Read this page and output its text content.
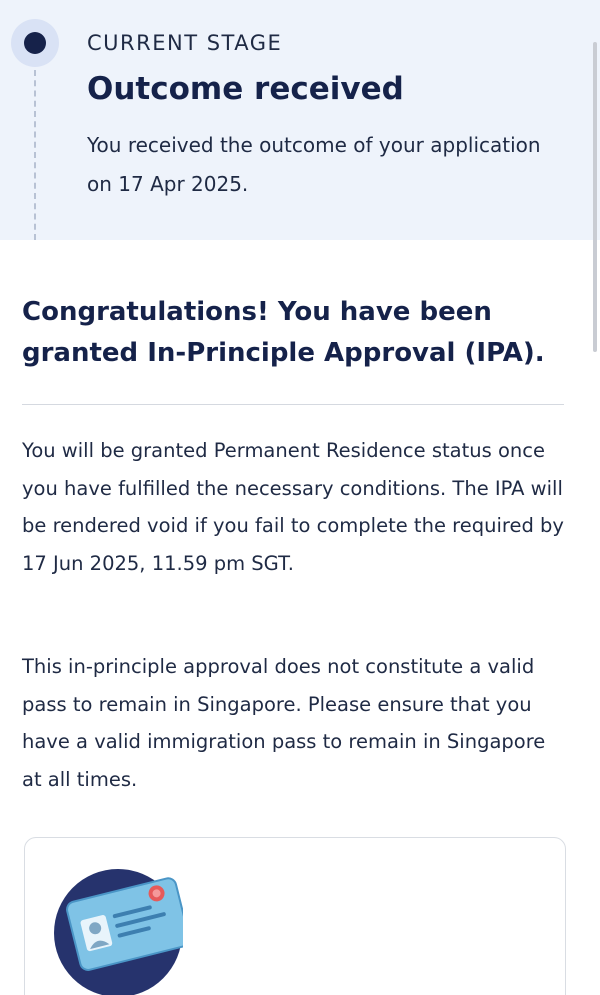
CURRENT STAGE
Outcome received
You received the outcome of your application on 17 Apr 2025.
Congratulations! You have been granted In-Principle Approval (IPA).

You will be granted Permanent Residence status once you have fulfilled the necessary conditions. The IPA will be rendered void if you fail to complete the required by 17 Jun 2025, 11.59 pm SGT.

This in-principle approval does not constitute a valid pass to remain in Singapore. Please ensure that you have a valid immigration pass to remain in Singapore at all times.
